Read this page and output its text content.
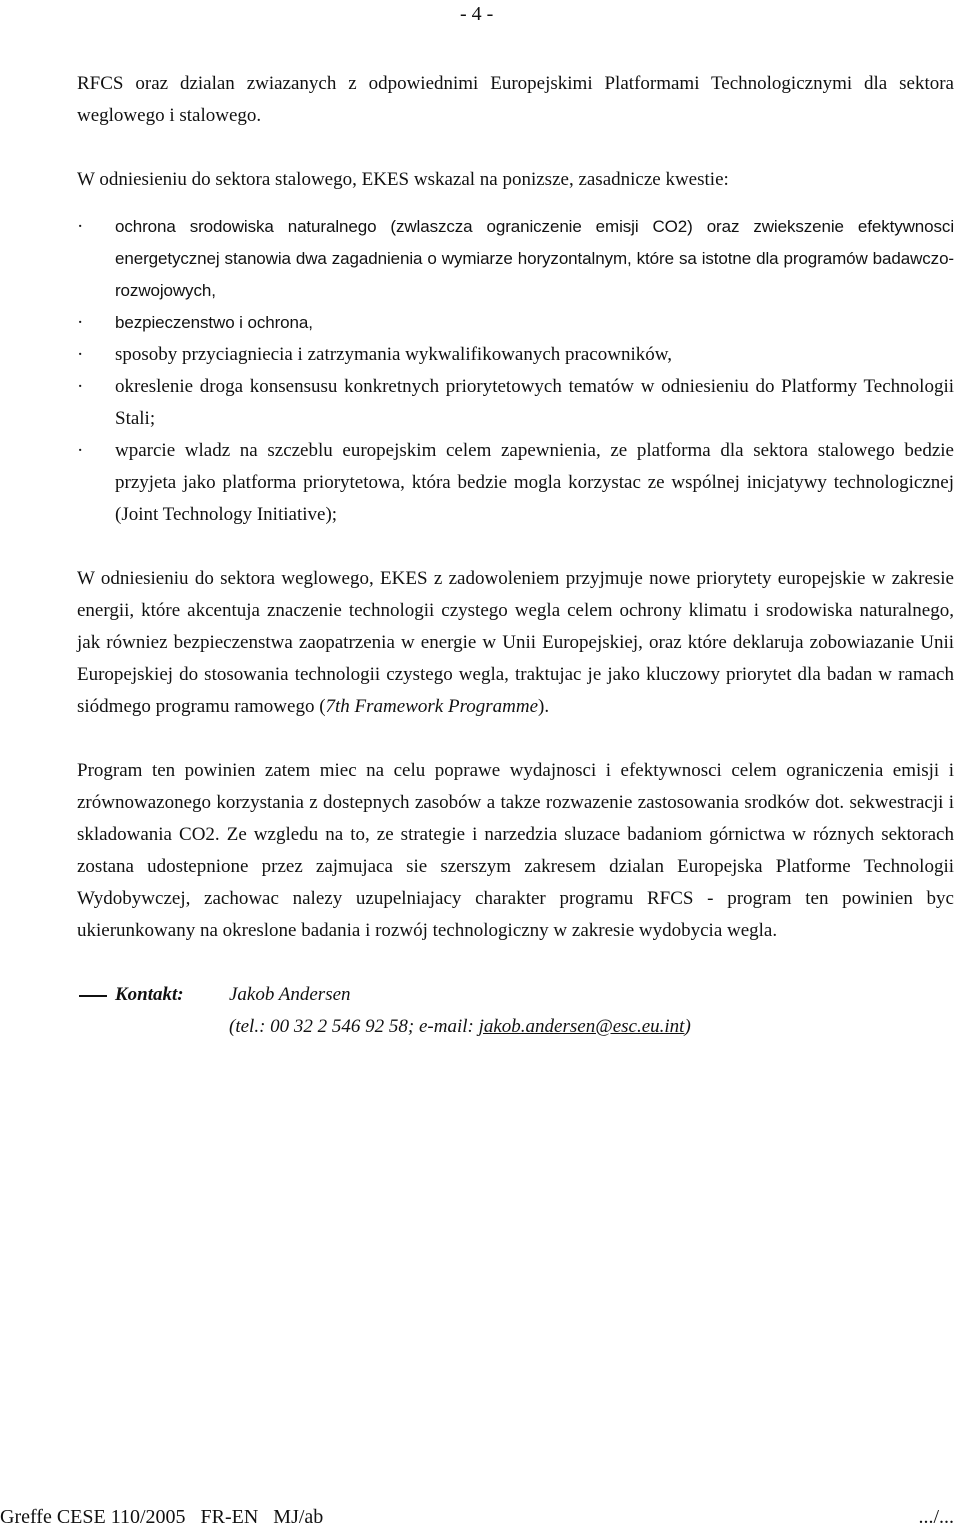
- 4 -

RFCS oraz dzialan zwiazanych z odpowiednimi Europejskimi Platformami Technologicznymi dla sektora weglowego i stalowego.

W odniesieniu do sektora stalowego, EKES wskazal na ponizsze, zasadnicze kwestie:

·	ochrona srodowiska naturalnego (zwlaszcza ograniczenie emisji CO2) oraz zwiekszenie efektywnosci energetycznej stanowia dwa zagadnienia o wymiarze horyzontalnym, które sa istotne dla programów badawczo-rozwojowych,
·	bezpieczenstwo i ochrona,
·	sposoby przyciagniecia i zatrzymania wykwalifikowanych pracowników,
·	okreslenie droga konsensusu konkretnych priorytetowych tematów w odniesieniu do Platformy Technologii Stali;
·	wparcie wladz na szczeblu europejskim celem zapewnienia, ze platforma dla sektora stalowego bedzie przyjeta jako platforma priorytetowa, która bedzie mogla korzystac ze wspólnej inicjatywy technologicznej (Joint Technology Initiative);

W odniesieniu do sektora weglowego, EKES z zadowoleniem przyjmuje nowe priorytety europejskie w zakresie energii, które akcentuja znaczenie technologii czystego wegla celem ochrony klimatu i srodowiska naturalnego, jak równiez bezpieczenstwa zaopatrzenia w energie w Unii Europejskiej, oraz które deklaruja zobowiazanie Unii Europejskiej do stosowania technologii czystego wegla, traktujac je jako kluczowy priorytet dla badan w ramach siódmego programu ramowego (7th Framework Programme).

Program ten powinien zatem miec na celu poprawe wydajnosci i efektywnosci celem ograniczenia emisji i zrównowazonego korzystania z dostepnych zasobów a takze rozwazenie zastosowania srodków dot. sekwestracji i skladowania CO2. Ze wzgledu na to, ze strategie i narzedzia sluzace badaniom górnictwa w róznych sektorach zostana udostepnione przez zajmujaca sie szerszym zakresem dzialan Europejska Platforme Technologii Wydobywczej, zachowac nalezy uzupelniajacy charakter programu RFCS - program ten powinien byc ukierunkowany na okreslone badania i rozwój technologiczny w zakresie wydobycia wegla.

Kontakt:	Jakob Andersen
(tel.: 00 32 2 546 92 58; e-mail: jakob.andersen@esc.eu.int)
Greffe CESE 110/2005   FR-EN   MJ/ab	.../...
